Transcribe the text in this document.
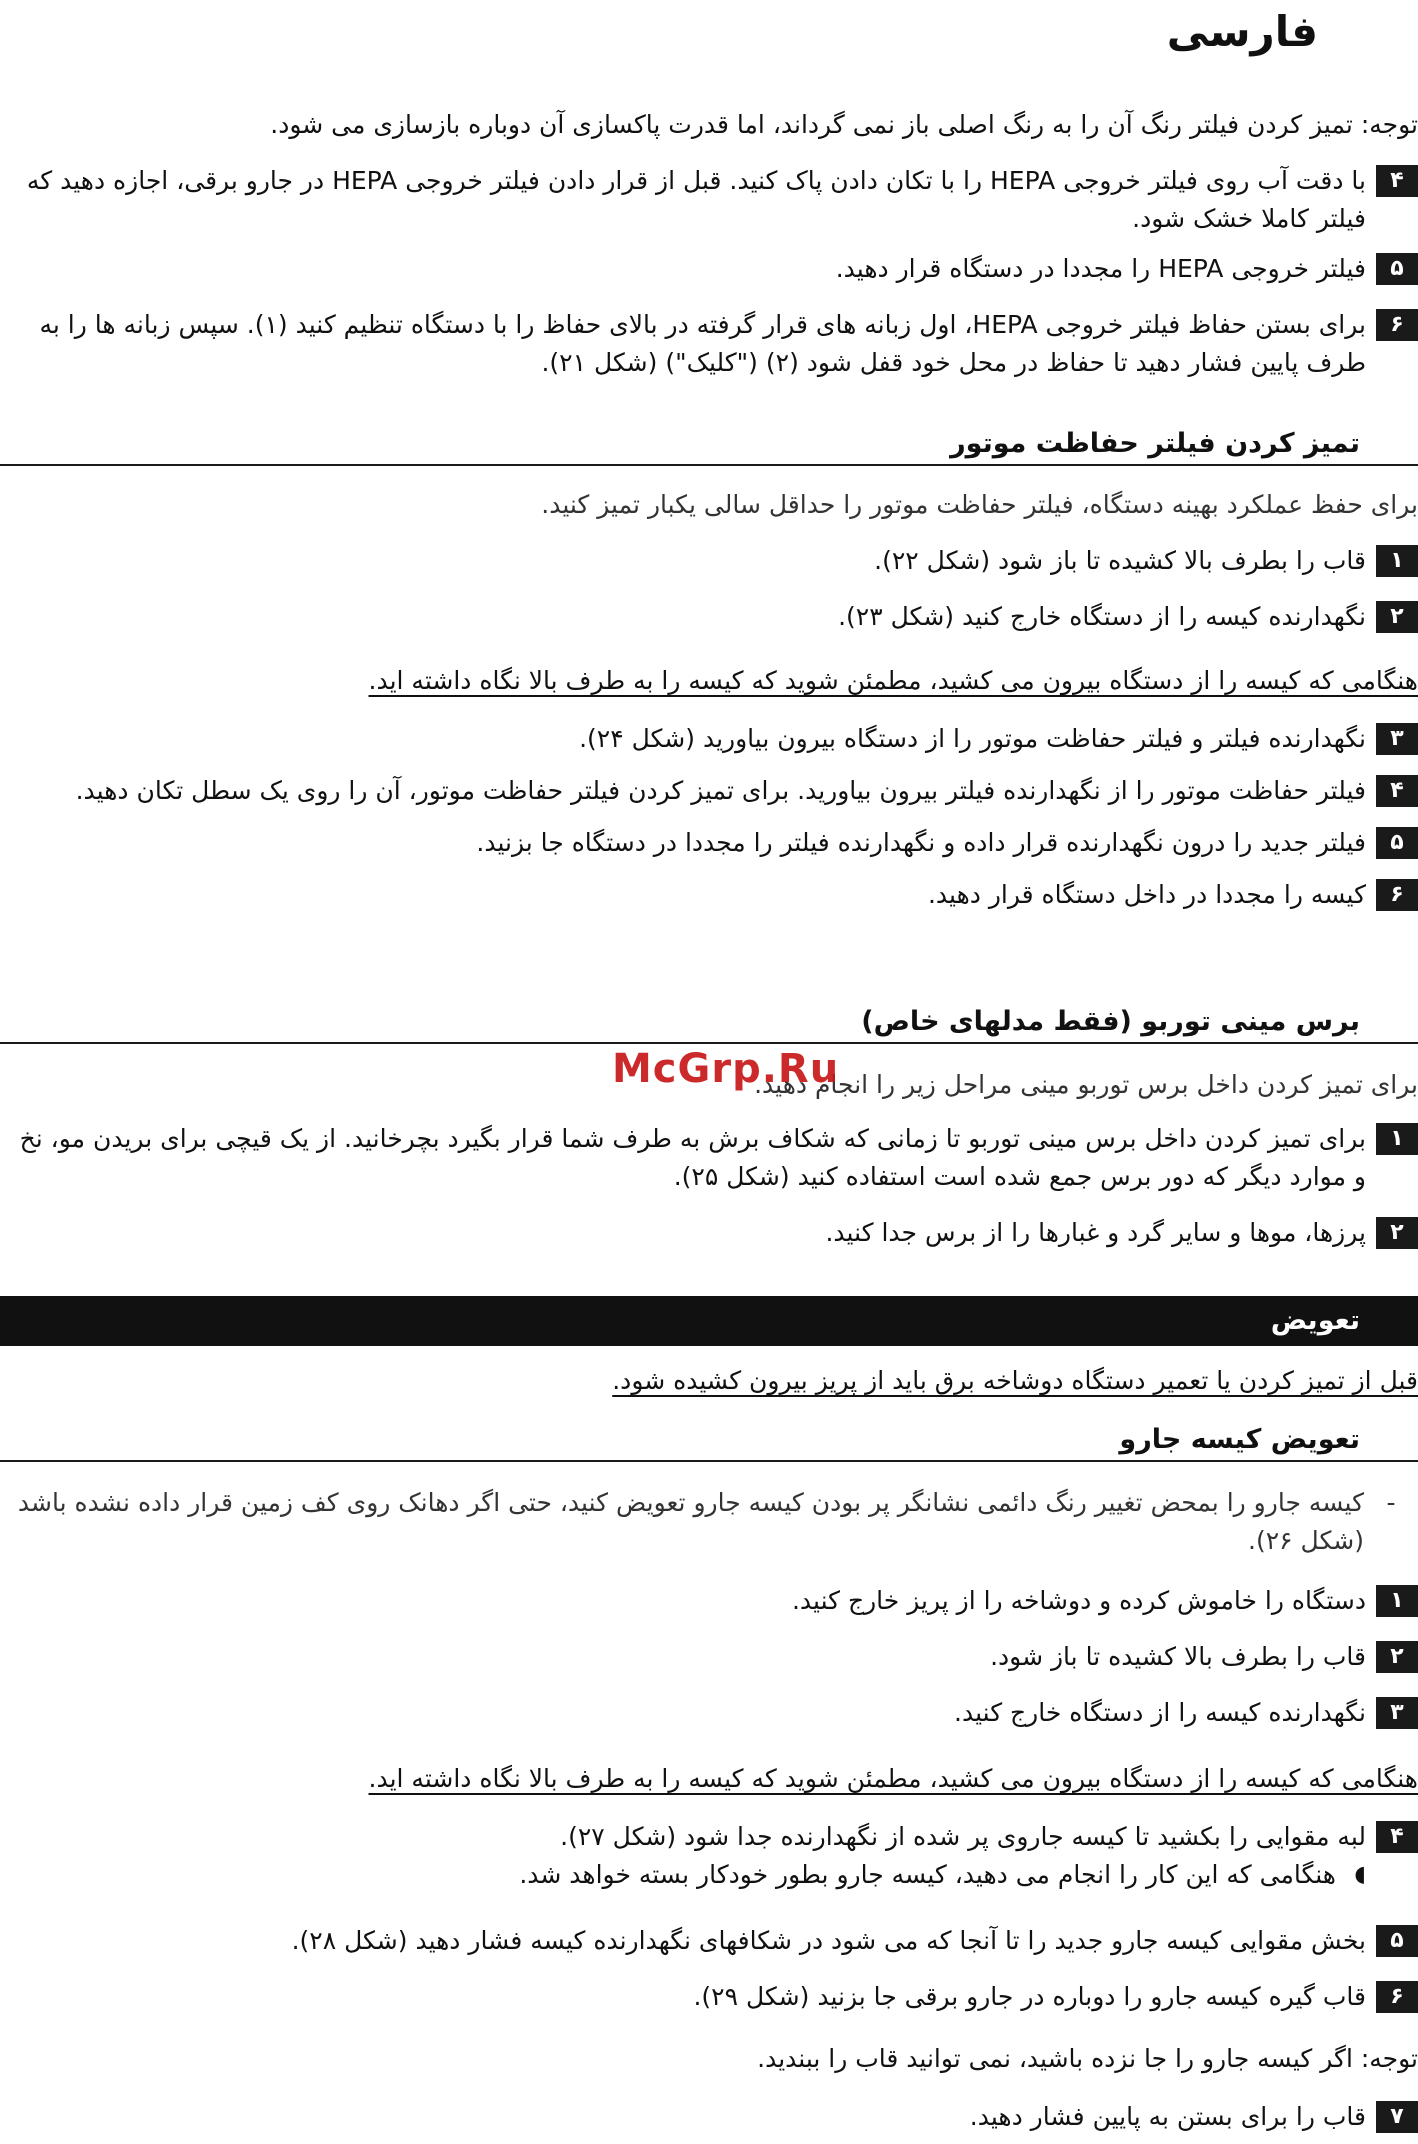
فارسی
توجه: تمیز کردن فیلتر رنگ آن را به رنگ اصلی باز نمی گرداند، اما قدرت پاکسازی آن دوباره بازسازی می شود.
۴
با دقت آب روی فیلتر خروجی HEPA را با تکان دادن پاک کنید. قبل از قرار دادن فیلتر خروجی HEPA در جارو برقی، اجازه دهید که فیلتر کاملا خشک شود.
۵
فیلتر خروجی HEPA را مجددا در دستگاه قرار دهید.
۶
برای بستن حفاظ فیلتر خروجی HEPA، اول زبانه های قرار گرفته در بالای حفاظ را با دستگاه تنظیم کنید (۱). سپس زبانه ها را به طرف پایین فشار دهید تا حفاظ در محل خود قفل شود (۲) ("کلیک") (شکل ۲۱).
تمیز کردن فیلتر حفاظت موتور
برای حفظ عملکرد بهینه دستگاه، فیلتر حفاظت موتور را حداقل سالی یکبار تمیز کنید.
۱
قاب را بطرف بالا کشیده تا باز شود (شکل ۲۲).
۲
نگهدارنده کیسه را از دستگاه خارج کنید (شکل ۲۳).
هنگامی که کیسه را از دستگاه بیرون می کشید، مطمئن شوید که کیسه را به طرف بالا نگاه داشته اید.
۳
نگهدارنده فیلتر و فیلتر حفاظت موتور را از دستگاه بیرون بیاورید (شکل ۲۴).
۴
فیلتر حفاظت موتور را از نگهدارنده فیلتر بیرون بیاورید. برای تمیز کردن فیلتر حفاظت موتور، آن را روی یک سطل تکان دهید.
۵
فیلتر جدید را درون نگهدارنده قرار داده و نگهدارنده فیلتر را مجددا در دستگاه جا بزنید.
۶
کیسه را مجددا در داخل دستگاه قرار دهید.
برس مینی توربو (فقط مدلهای خاص)
برای تمیز کردن داخل برس توربو مینی مراحل زیر را انجام دهید.
۱
برای تمیز کردن داخل برس مینی توربو تا زمانی که شکاف برش به طرف شما قرار بگیرد بچرخانید. از یک قیچی برای بریدن مو، نخ و موارد دیگر که دور برس جمع شده است استفاده کنید (شکل ۲۵).
۲
پرزها، موها و سایر گرد و غبارها را از برس جدا کنید.
تعویض
قبل از تمیز کردن یا تعمیر دستگاه دوشاخه برق باید از پریز بیرون کشیده شود.
تعویض کیسه جارو
-
کیسه جارو را بمحض تغییر رنگ دائمی نشانگر پر بودن کیسه جارو تعویض کنید، حتی اگر دهانک روی کف زمین قرار داده نشده باشد (شکل ۲۶).
۱
دستگاه را خاموش کرده و دوشاخه را از پریز خارج کنید.
۲
قاب را بطرف بالا کشیده تا باز شود.
۳
نگهدارنده کیسه را از دستگاه خارج کنید.
هنگامی که کیسه را از دستگاه بیرون می کشید، مطمئن شوید که کیسه را به طرف بالا نگاه داشته اید.
۴
لبه مقوایی را بکشید تا کیسه جاروی پر شده از نگهدارنده جدا شود (شکل ۲۷).
◖
هنگامی که این کار را انجام می دهید، کیسه جارو بطور خودکار بسته خواهد شد.
۵
بخش مقوایی کیسه جارو جدید را تا آنجا که می شود در شکافهای نگهدارنده کیسه فشار دهید (شکل ۲۸).
۶
قاب گیره کیسه جارو را دوباره در جارو برقی جا بزنید (شکل ۲۹).
توجه: اگر کیسه جارو را جا نزده باشید، نمی توانید قاب را ببندید.
۷
قاب را برای بستن به پایین فشار دهید.
McGrp.Ru
